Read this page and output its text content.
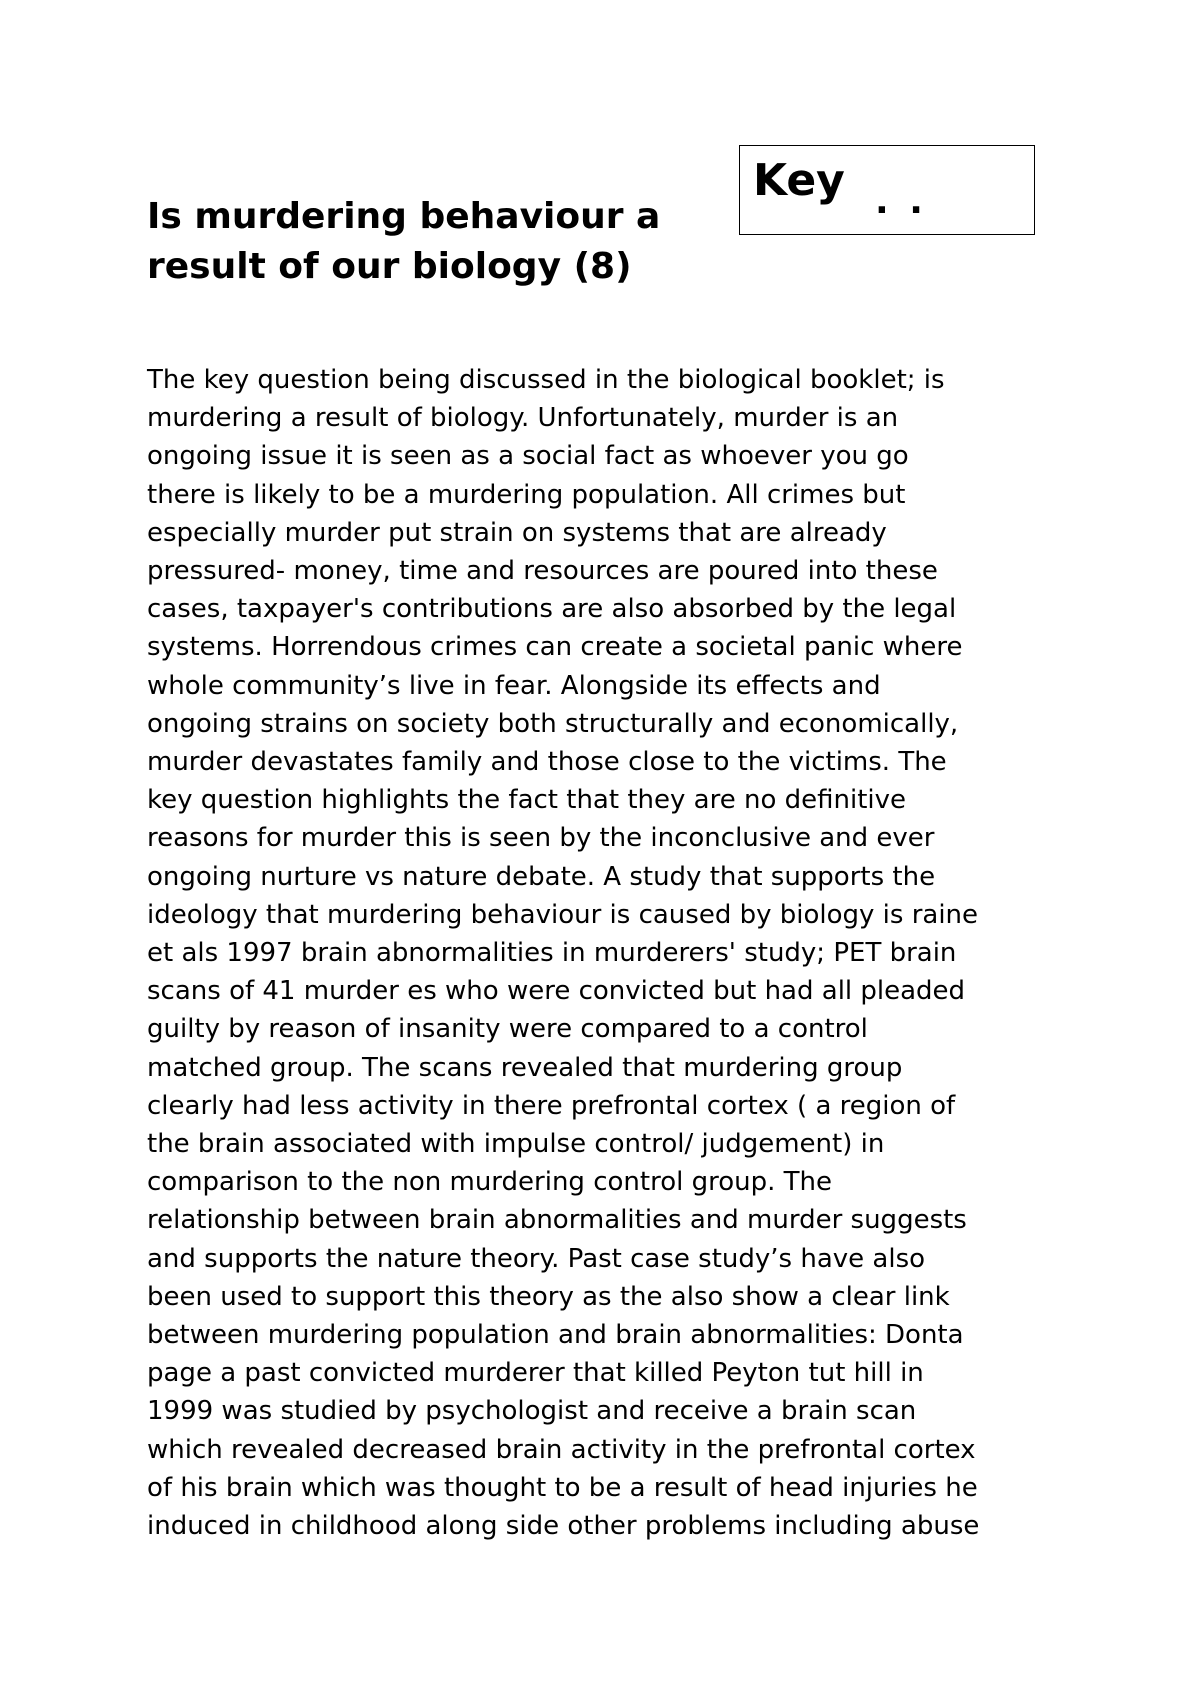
Is murdering behaviour a
result of our biology (8)
Key . .
The key question being discussed in the biological booklet; is
murdering a result of biology. Unfortunately, murder is an
ongoing issue it is seen as a social fact as whoever you go
there is likely to be a murdering population. All crimes but
especially murder put strain on systems that are already
pressured- money, time and resources are poured into these
cases, taxpayer's contributions are also absorbed by the legal
systems. Horrendous crimes can create a societal panic where
whole community’s live in fear. Alongside its effects and
ongoing strains on society both structurally and economically,
murder devastates family and those close to the victims. The
key question highlights the fact that they are no definitive
reasons for murder this is seen by the inconclusive and ever
ongoing nurture vs nature debate. A study that supports the
ideology that murdering behaviour is caused by biology is raine
et als 1997 brain abnormalities in murderers' study; PET brain
scans of 41 murder es who were convicted but had all pleaded
guilty by reason of insanity were compared to a control
matched group. The scans revealed that murdering group
clearly had less activity in there prefrontal cortex ( a region of
the brain associated with impulse control/ judgement) in
comparison to the non murdering control group. The
relationship between brain abnormalities and murder suggests
and supports the nature theory. Past case study’s have also
been used to support this theory as the also show a clear link
between murdering population and brain abnormalities: Donta
page a past convicted murderer that killed Peyton tut hill in
1999 was studied by psychologist and receive a brain scan
which revealed decreased brain activity in the prefrontal cortex
of his brain which was thought to be a result of head injuries he
induced in childhood along side other problems including abuse
